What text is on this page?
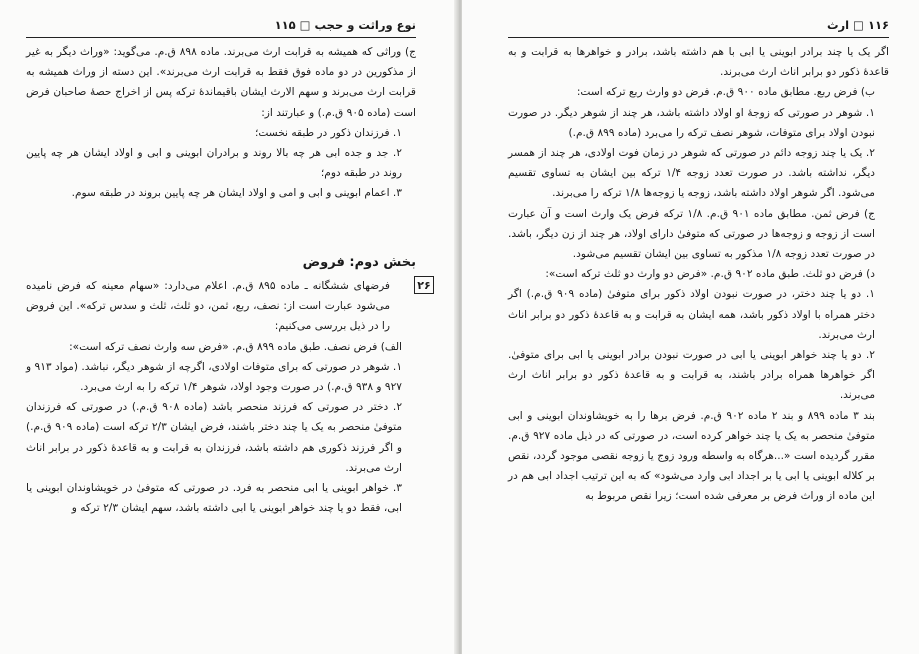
نوع وراثت و حجب □ ۱۱۵

ج) وراثی که همیشه به قرابت ارث می‌برند. ماده ۸۹۸ ق.م. می‌گوید: «وراث دیگر به غیر از مذکورین در دو ماده فوق فقط به قرابت ارث می‌برند». این دسته از وراث همیشه به قرابت ارث می‌برند و سهم الارث ایشان باقیماندهٔ ترکه پس از اخراج حصهٔ صاحبان فرض است (ماده ۹۰۵ ق.م.) و عبارتند از:

۱. فرزندان ذکور در طبقه نخست؛

۲. جد و جده ابی هر چه بالا روند و برادران ابوینی و ابی و اولاد ایشان هر چه پایین روند در طبقه دوم؛

۳. اعمام ابوینی و ابی و امی و اولاد ایشان هر چه پایین بروند در طبقه سوم.

بخش دوم: فروض
۲۶

فرضهای ششگانه ـ ماده ۸۹۵ ق.م. اعلام می‌دارد: «سهام معینه که فرض نامیده می‌شود عبارت است از: نصف، ربع، ثمن، دو ثلث، ثلث و سدس ترکه». این فروض را در ذیل بررسی می‌کنیم:

الف) فرض نصف. طبق ماده ۸۹۹ ق.م. «فرض سه وارث نصف ترکه است»:

۱. شوهر در صورتی که برای متوفات اولادی، اگرچه از شوهر دیگر، نباشد. (مواد ۹۱۳ و ۹۲۷ و ۹۳۸ ق.م.) در صورت وجود اولاد، شوهر ۱/۴ ترکه را به ارث می‌برد.

۲. دختر در صورتی که فرزند منحصر باشد (ماده ۹۰۸ ق.م.) در صورتی که فرزندان متوفیٰ منحصر به یک یا چند دختر باشند، فرض ایشان ۲/۳ ترکه است (ماده ۹۰۹ ق.م.) و اگر فرزند ذکوری هم داشته باشد، فرزندان به قرابت و به قاعدهٔ ذکور در برابر اناث ارث می‌برند.

۳. خواهر ابوینی یا ابی منحصر به فرد. در صورتی که متوفیٰ در خویشاوندان ابوینی یا ابی، فقط دو یا چند خواهر ابوینی یا ابی داشته باشد، سهم ایشان ۲/۳ ترکه و

۱۱۶ □ ارث

اگر یک یا چند برادر ابوینی یا ابی با هم داشته باشد، برادر و خواهرها به قرابت و به قاعدهٔ ذکور دو برابر اناث ارث می‌برند.

ب) فرض ربع. مطابق ماده ۹۰۰ ق.م. فرض دو وارث ربع ترکه است:

۱. شوهر در صورتی که زوجهٔ او اولاد داشته باشد، هر چند از شوهر دیگر. در صورت نبودن اولاد برای متوفات، شوهر نصف ترکه را می‌برد (ماده ۸۹۹ ق.م.)

۲. یک یا چند زوجه دائم در صورتی که شوهر در زمان فوت اولادی، هر چند از همسر دیگر، نداشته باشد. در صورت تعدد زوجه ۱/۴ ترکه بین ایشان به تساوی تقسیم می‌شود. اگر شوهر اولاد داشته باشد، زوجه یا زوجه‌ها ۱/۸ ترکه را می‌برند.

ج) فرض ثمن. مطابق ماده ۹۰۱ ق.م. ۱/۸ ترکه فرض یک وارث است و آن عبارت است از زوجه و زوجه‌ها در صورتی که متوفیٰ دارای اولاد، هر چند از زن دیگر، باشد. در صورت تعدد زوجه ۱/۸ مذکور به تساوی بین ایشان تقسیم می‌شود.

د) فرض دو ثلث. طبق ماده ۹۰۲ ق.م. «فرض دو وارث دو ثلث ترکه است»:

۱. دو یا چند دختر، در صورت نبودن اولاد ذکور برای متوفیٰ (ماده ۹۰۹ ق.م.) اگر دختر همراه با اولاد ذکور باشد، همه ایشان به قرابت و به قاعدهٔ ذکور دو برابر اناث ارث می‌برند.

۲. دو یا چند خواهر ابوینی یا ابی در صورت نبودن برادر ابوینی یا ابی برای متوفیٰ. اگر خواهرها همراه برادر باشند، به قرابت و به قاعدهٔ ذکور دو برابر اناث ارث می‌برند.

بند ۳ ماده ۸۹۹ و بند ۲ ماده ۹۰۲ ق.م. فرض برها را به خویشاوندان ابوینی و ابی متوفیٰ منحصر به یک یا چند خواهر کرده است، در صورتی که در ذیل ماده ۹۲۷ ق.م. مقرر گردیده است «...هرگاه به واسطه ورود زوج یا زوجه نقصی موجود گردد، نقص بر کلاله ابوینی یا ابی یا بر اجداد ابی وارد می‌شود» که به این ترتیب اجداد ابی هم در این ماده از وراث فرض بر معرفی شده است؛ زیرا نقص مربوط به
